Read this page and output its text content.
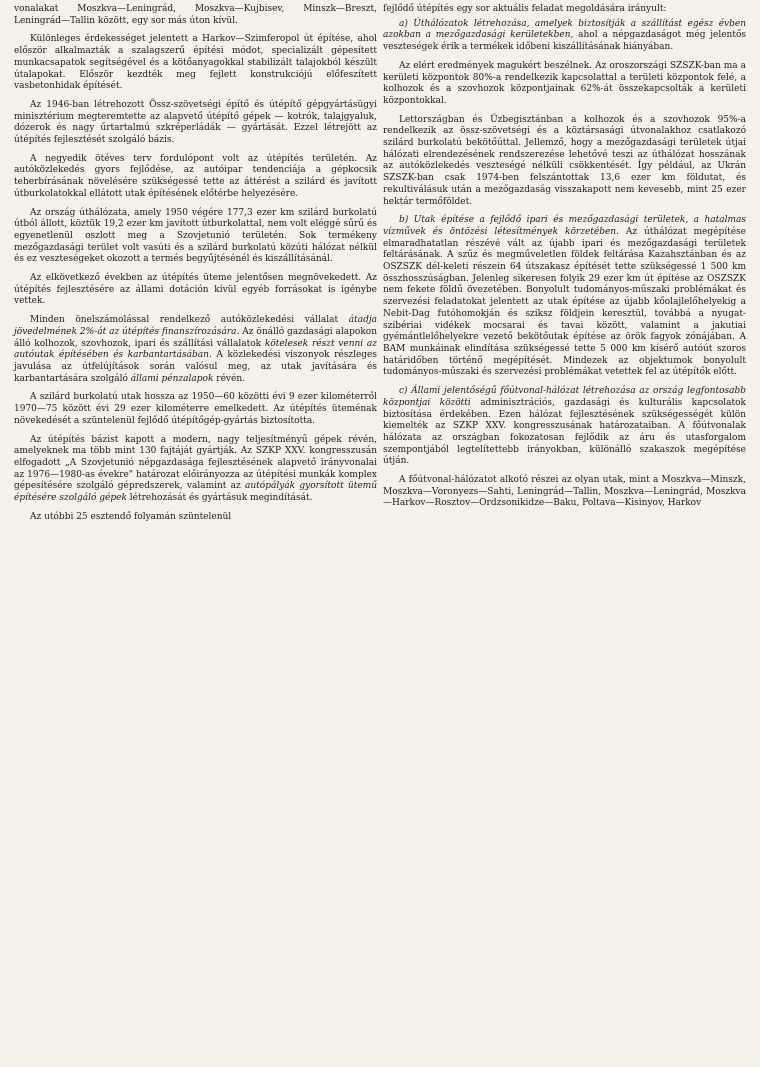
vonalakat Moszkva—Leningrád, Moszkva—Kujbisev, Minszk—Breszt, Leningrád—Tallin között, egy sor más úton kívül.

Különleges érdekességet jelentett a Harkov—Szimferopol út építése, ahol először alkalmazták a szalagszerű építési módot, specializált gépesített munkacsapatok segítségével és a kötőanyagokkal stabilizált talajokból készült útalapokat. Először kezdték meg fejlett konstrukciójú előfeszített vasbetonhidak építését.

Az 1946-ban létrehozott Össz-szövetségi építő és útépítő gépgyártásügyi minisztérium megteremtette az alapvető útépítő gépek — kotrók, talajgyaluk, dózerok és nagy űrtartalmú szkréperládák — gyártását. Ezzel létrejött az útépítés fejlesztését szolgáló bázis.

A negyedik ötéves terv fordulópont volt az útépítés területén. Az autóközlekedés gyors fejlődése, az autóipar tendenciája a gépkocsik teherbírásának növelésére szükségessé tette az áttérést a szilárd és javított útburkolatokkal ellátott utak építésének előtérbe helyezésére.

Az ország úthálózata, amely 1950 végére 177,3 ezer km szilárd burkolatú útból állott, köztük 19,2 ezer km javított útburkolattal, nem volt eléggé sűrű és egyenetlenül oszlott meg a Szovjetunió területén. Sok termékeny mezőgazdasági terület volt vasúti és a szilárd burkolatú közúti hálózat nélkül és ez veszteségeket okozott a termés begyűjtésénél és kiszállításánál.

Az elkövetkező években az útépítés üteme jelentősen megnövekedett. Az útépítés fejlesztésére az állami dotáción kívül egyéb forrásokat is igénybe vettek.

Minden önelszámolással rendelkező autóközlekedési vállalat átadja jövedelmének 2%-át az útépítés finanszírozására. Az önálló gazdasági alapokon álló kolhozok, szovhozok, ipari és szállítási vállalatok kötelesek részt venni az autóutak építésében és karbantartásában. A közlekedési viszonyok részleges javulása az útfelújítások során valósul meg, az utak javítására és karbantartására szolgáló állami pénzalapok révén.

A szilárd burkolatú utak hossza az 1950—60 közötti évi 9 ezer kilométerről 1970—75 között évi 29 ezer kilométerre emelkedett. Az útépítés üteménak növekedését a szüntelenül fejlődő útépítőgép-gyártás biztosította.

Az útépítés bázist kapott a modern, nagy teljesítményű gépek révén, amelyeknek ma több mint 130 fajtáját gyártják. Az SZKP XXV. kongresszusán elfogadott „A Szovjetunió népgazdasága fejlesztésének alapvető irányvonalai az 1976—1980-as évekre" határozat előirányozza az útépítési munkák komplex gépesítésére szolgáló gépredszerek, valamint az autópályák gyorsított ütemű építésére szolgáló gépek létrehozását és gyártásuk megindítását.

Az utóbbi 25 esztendő folyamán szüntelenül

fejlődő útépítés egy sor aktuális feladat megoldására irányult:

a) Úthálózatok létrehozása, amelyek biztosítják a szállítást egész évben azokban a mezőgazdasági kerületekben, ahol a népgazdaságot még jelentős veszteségek érik a termékek időbeni kiszállításának hiányában.

Az elért eredmények magukért beszélnek. Az oroszországi SZSZK-ban ma a kerületi központok 80%-a rendelkezik kapcsolattal a területi központok felé, a kolhozok és a szovhozok központjainak 62%-át összekapcsolták a kerületi központokkal.

Lettországban és Üzbegisztánban a kolhozok és a szovhozok 95%-a rendelkezik az össz-szövetségi és a köztársasági útvonalakhoz csatlakozó szilárd burkolatú bekötőúttal. Jellemző, hogy a mezőgazdasági területek útjai hálózati elrendezésének rendszerezése lehetővé teszi az úthálózat hosszának az autóközlekedés veszteségé nélküli csökkentését. Így például, az Ukrán SZSZK-ban csak 1974-ben felszántottak 13,6 ezer km földutat, és rekultiválásuk után a mezőgazdaság visszakapott nem kevesebb, mint 25 ezer hektár termőföldet.

b) Utak építése a fejlődő ipari és mezőgazdasági területek, a hatalmas vízművek és öntözési létesítmények körzetében. Az úthálózat megépítése elmaradhatatlan részévé vált az újabb ipari és mezőgazdasági területek feltárásának. A szűz és megműveletlen földek feltárása Kazahsztánban és az OSZSZK dél-keleti részein 64 útszakasz építését tette szükségessé 1 500 km összhosszúságban. Jelenleg sikeresen folyik 29 ezer km út építése az OSZSZK nem fekete földű övezetében. Bonyolult tudományos-műszaki problémákat és szervezési feladatokat jelentett az utak építése az újabb kőolajlelőhelyekig a Nebit-Dag futóhomokján és sziksz földjein keresztül, továbbá a nyugat-szibériai vidékek mocsarai és tavai között, valamint a jakutiai gyémántlelőhelyekre vezető bekötőutak építése az örök fagyok zónájában. A BAM munkáinak elindítása szükségessé tette 5 000 km kísérő autóút szoros határidőben történő megépítését. Mindezek az objektumok bonyolult tudományos-műszaki és szervezési problémákat vetettek fel az útépítők előtt.

c) Állami jelentőségű főútvonal-hálózat létrehozása az ország legfontosabb központjai közötti adminisztrációs, gazdasági és kulturális kapcsolatok biztosítása érdekében. Ezen hálózat fejlesztésének szükségességét külön kiemelték az SZKP XXV. kongresszusának határozataiban. A főútvonalak hálózata az országban fokozatosan fejlődik az áru és utasforgalom szempontjából legtelítettebb irányokban, különálló szakaszok megépítése útján.

A főútvonal-hálózatot alkotó részei az olyan utak, mint a Moszkva—Minszk, Moszkva—Voronyezs—Sahti, Leningrád—Tallin, Moszkva—Leningrád, Moszkva—Harkov—Rosztov—Ordzsonikidze—Baku, Poltava—Kisinyov, Harkov
